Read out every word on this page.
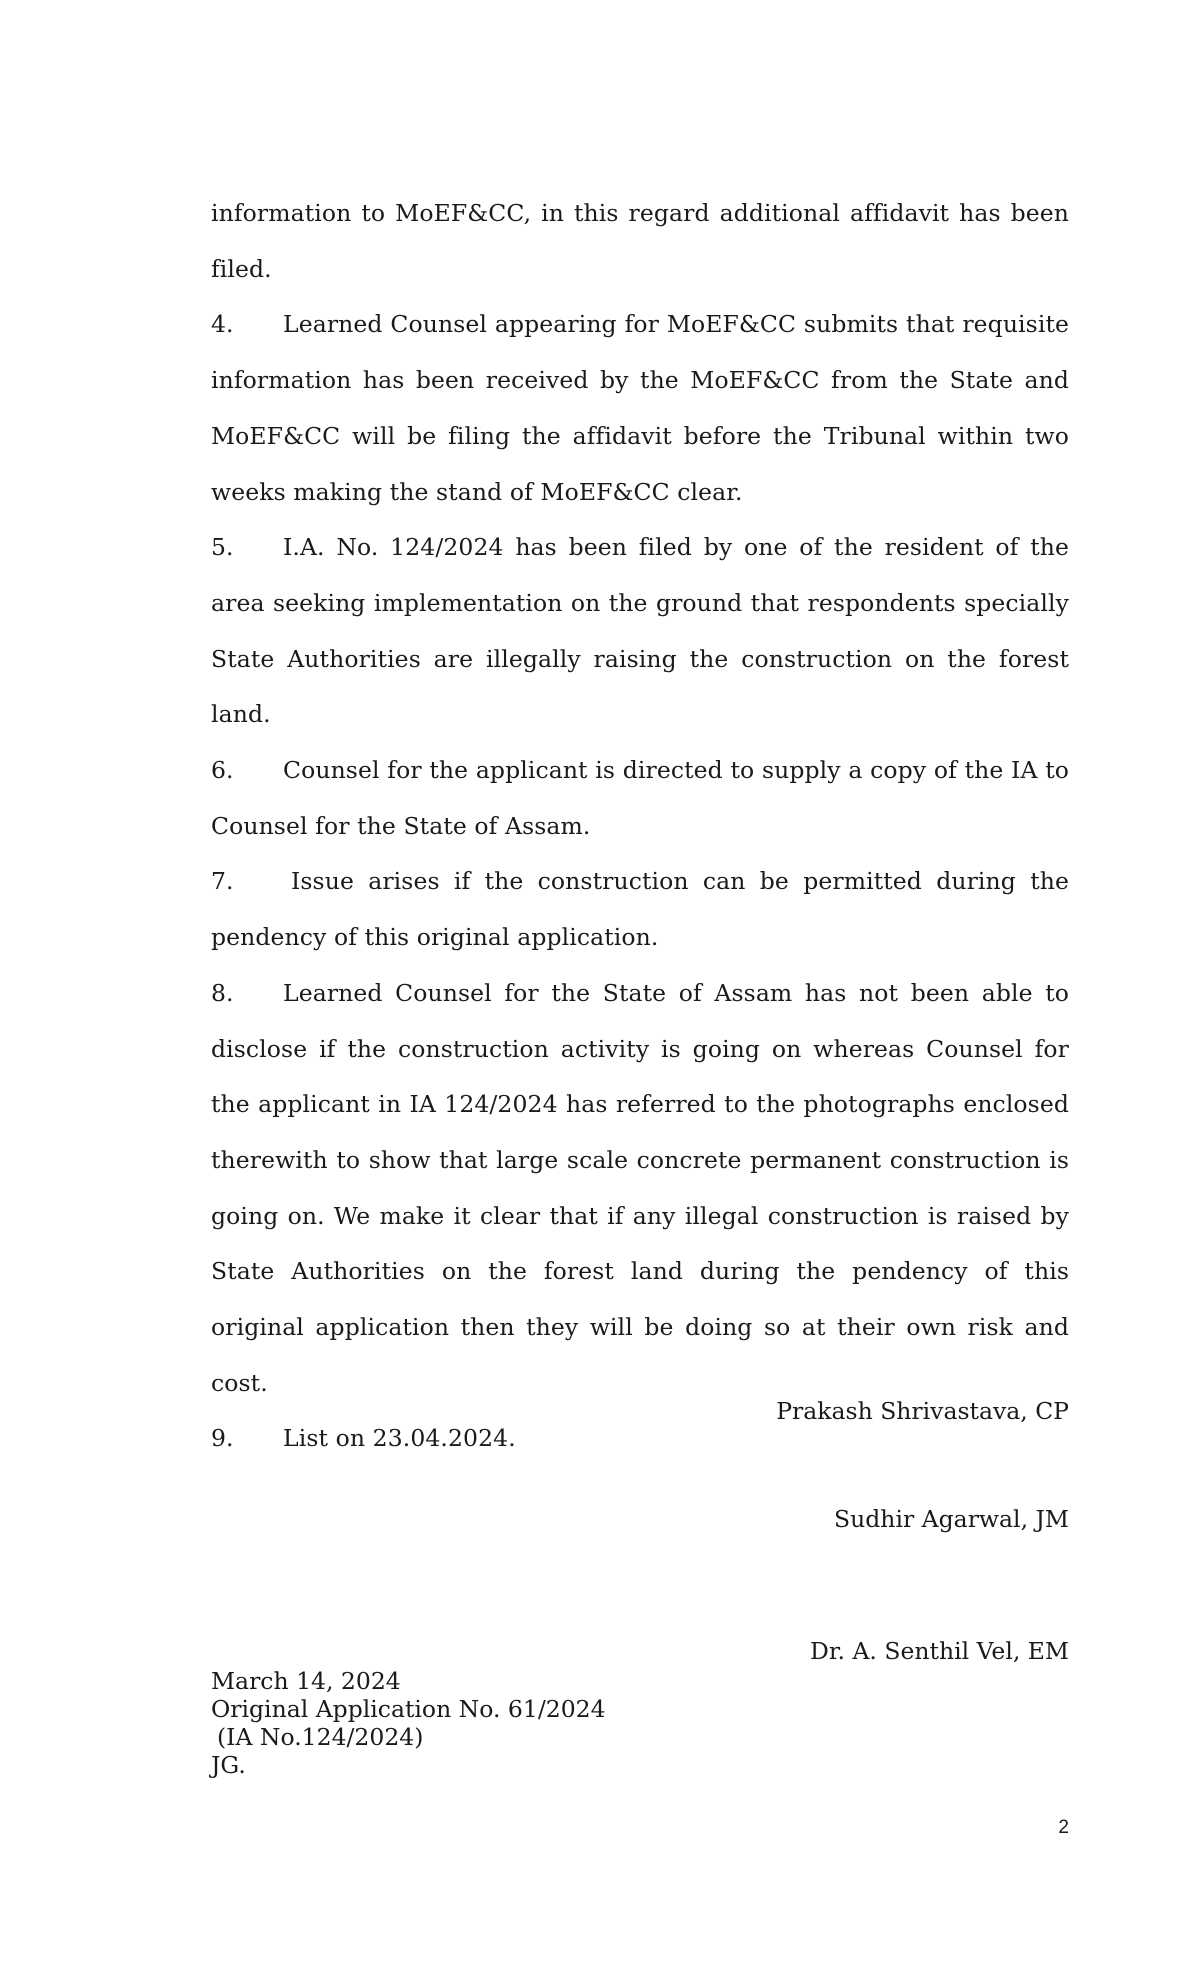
information to MoEF&CC, in this regard additional affidavit has been filed.

4. Learned Counsel appearing for MoEF&CC submits that requisite information has been received by the MoEF&CC from the State and MoEF&CC will be filing the affidavit before the Tribunal within two weeks making the stand of MoEF&CC clear.

5. I.A. No. 124/2024 has been filed by one of the resident of the area seeking implementation on the ground that respondents specially State Authorities are illegally raising the construction on the forest land.

6. Counsel for the applicant is directed to supply a copy of the IA to Counsel for the State of Assam.

7. Issue arises if the construction can be permitted during the pendency of this original application.

8. Learned Counsel for the State of Assam has not been able to disclose if the construction activity is going on whereas Counsel for the applicant in IA 124/2024 has referred to the photographs enclosed therewith to show that large scale concrete permanent construction is going on. We make it clear that if any illegal construction is raised by State Authorities on the forest land during the pendency of this original application then they will be doing so at their own risk and cost.

9. List on 23.04.2024.

Prakash Shrivastava, CP
Sudhir Agarwal, JM
Dr. A. Senthil Vel, EM
March 14, 2024
Original Application No. 61/2024
(IA No.124/2024)
JG.
2
